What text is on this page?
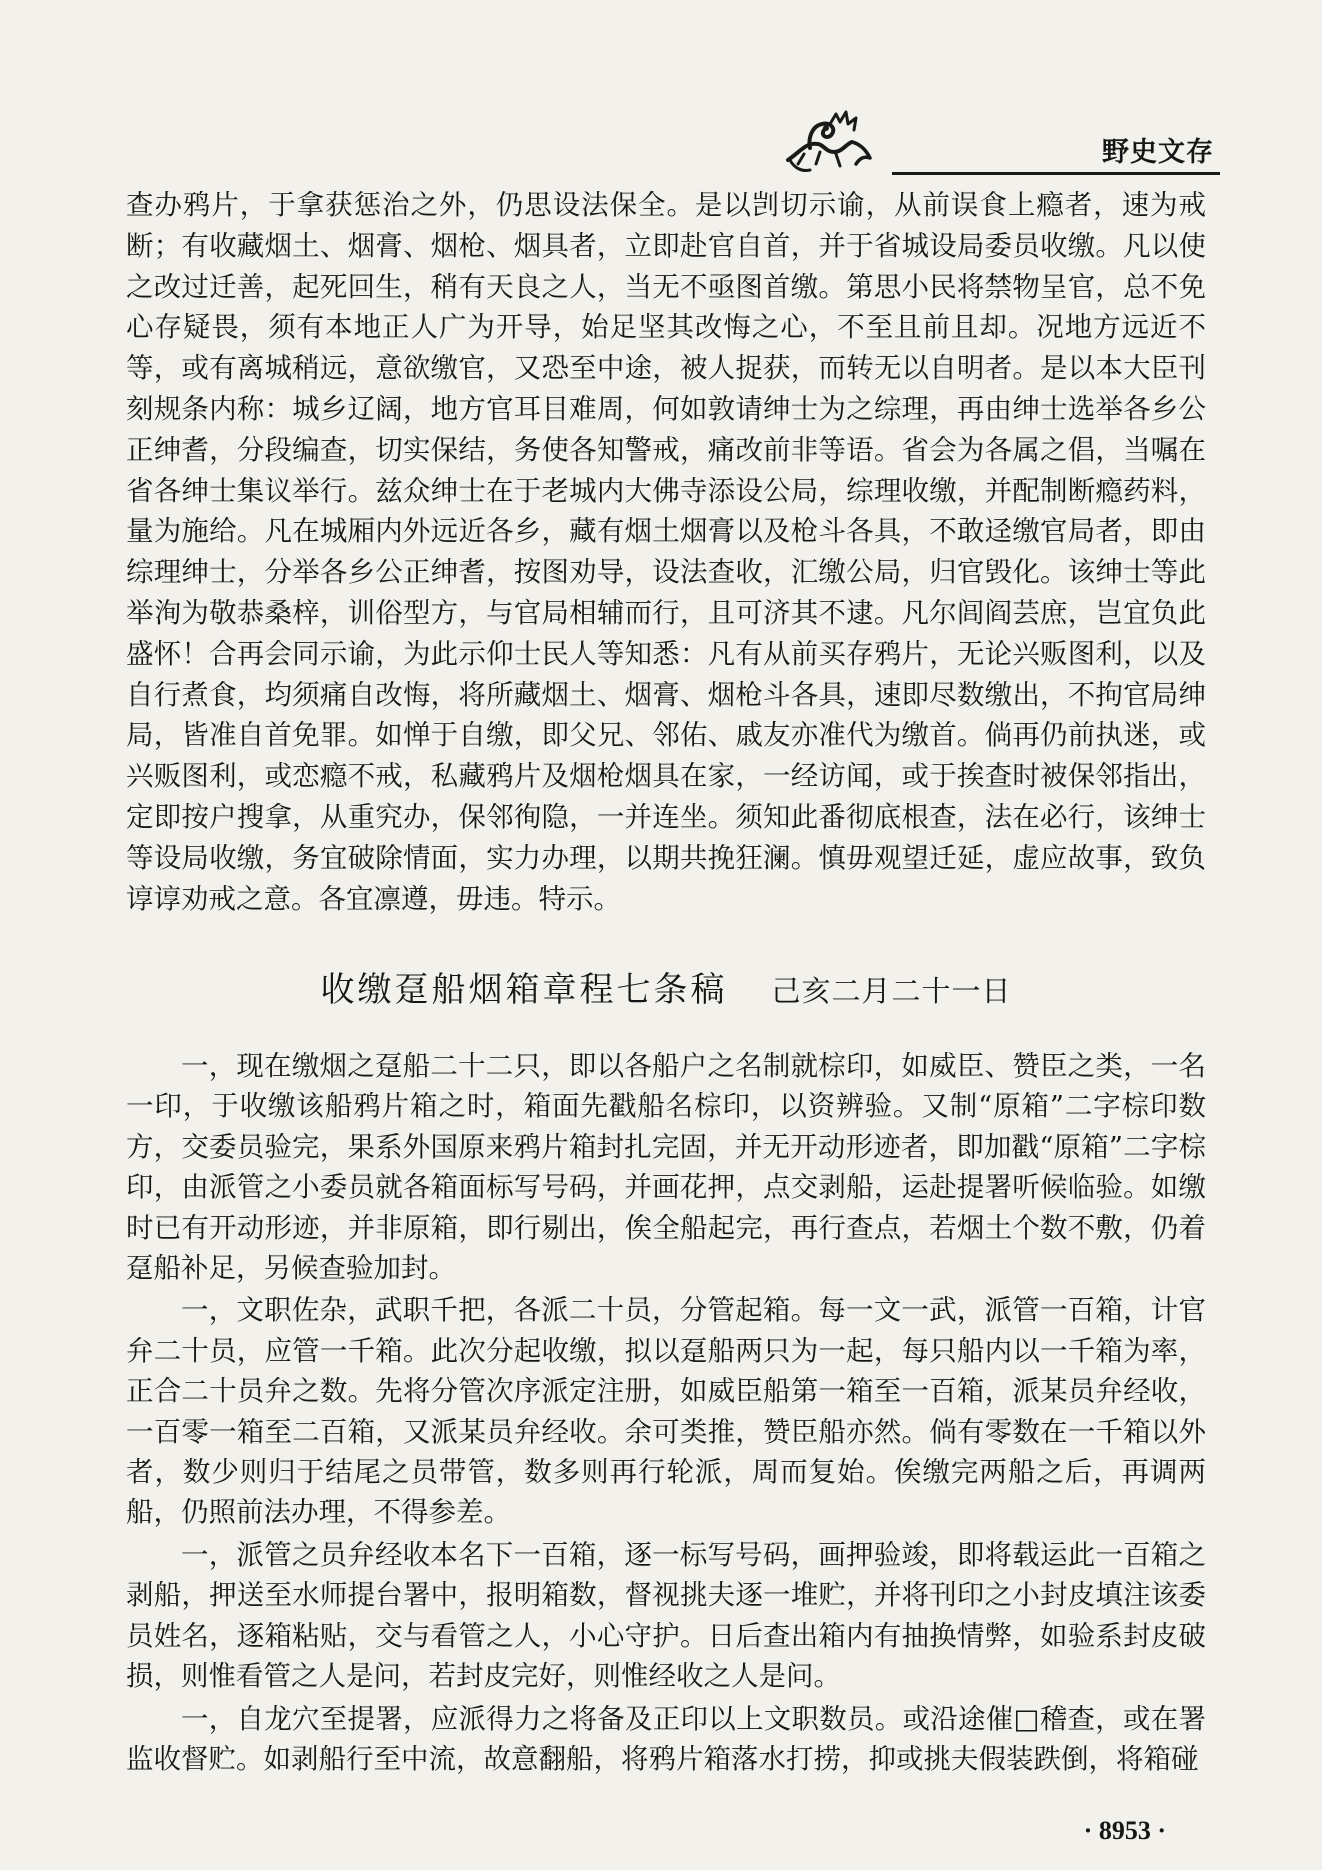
野史文存

查办鸦片，于拿获惩治之外，仍思设法保全。是以剀切示谕，从前误食上瘾者，速为戒断；有收藏烟土、烟膏、烟枪、烟具者，立即赴官自首，并于省城设局委员收缴。凡以使之改过迁善，起死回生，稍有天良之人，当无不亟图首缴。第思小民将禁物呈官，总不免心存疑畏，须有本地正人广为开导，始足坚其改悔之心，不至且前且却。况地方远近不等，或有离城稍远，意欲缴官，又恐至中途，被人捉获，而转无以自明者。是以本大臣刊刻规条内称：城乡辽阔，地方官耳目难周，何如敦请绅士为之综理，再由绅士选举各乡公正绅耆，分段编查，切实保结，务使各知警戒，痛改前非等语。省会为各属之倡，当嘱在省各绅士集议举行。兹众绅士在于老城内大佛寺添设公局，综理收缴，并配制断瘾药料，量为施给。凡在城厢内外远近各乡，藏有烟土烟膏以及枪斗各具，不敢迳缴官局者，即由综理绅士，分举各乡公正绅耆，按图劝导，设法查收，汇缴公局，归官毁化。该绅士等此举洵为敬恭桑梓，训俗型方，与官局相辅而行，且可济其不逮。凡尔闾阎芸庶，岂宜负此盛怀！合再会同示谕，为此示仰士民人等知悉：凡有从前买存鸦片，无论兴贩图利，以及自行煮食，均须痛自改悔，将所藏烟土、烟膏、烟枪斗各具，速即尽数缴出，不拘官局绅局，皆准自首免罪。如惮于自缴，即父兄、邻佑、戚友亦准代为缴首。倘再仍前执迷，或兴贩图利，或恋瘾不戒，私藏鸦片及烟枪烟具在家，一经访闻，或于挨查时被保邻指出，定即按户搜拿，从重究办，保邻徇隐，一并连坐。须知此番彻底根查，法在必行，该绅士等设局收缴，务宜破除情面，实力办理，以期共挽狂澜。慎毋观望迁延，虚应故事，致负谆谆劝戒之意。各宜凛遵，毋违。特示。

收缴趸船烟箱章程七条稿 己亥二月二十一日

一，现在缴烟之趸船二十二只，即以各船户之名制就棕印，如威臣、赞臣之类，一名一印，于收缴该船鸦片箱之时，箱面先戳船名棕印，以资辨验。又制“原箱”二字棕印数方，交委员验完，果系外国原来鸦片箱封扎完固，并无开动形迹者，即加戳“原箱”二字棕印，由派管之小委员就各箱面标写号码，并画花押，点交剥船，运赴提署听候临验。如缴时已有开动形迹，并非原箱，即行剔出，俟全船起完，再行查点，若烟土个数不敷，仍着趸船补足，另候查验加封。

一，文职佐杂，武职千把，各派二十员，分管起箱。每一文一武，派管一百箱，计官弁二十员，应管一千箱。此次分起收缴，拟以趸船两只为一起，每只船内以一千箱为率，正合二十员弁之数。先将分管次序派定注册，如威臣船第一箱至一百箱，派某员弁经收，一百零一箱至二百箱，又派某员弁经收。余可类推，赞臣船亦然。倘有零数在一千箱以外者，数少则归于结尾之员带管，数多则再行轮派，周而复始。俟缴完两船之后，再调两船，仍照前法办理，不得参差。

一，派管之员弁经收本名下一百箱，逐一标写号码，画押验竣，即将载运此一百箱之剥船，押送至水师提台署中，报明箱数，督视挑夫逐一堆贮，并将刊印之小封皮填注该委员姓名，逐箱粘贴，交与看管之人，小心守护。日后查出箱内有抽换情弊，如验系封皮破损，则惟看管之人是问，若封皮完好，则惟经收之人是问。

一，自龙穴至提署，应派得力之将备及正印以上文职数员。或沿途催□稽查，或在署监收督贮。如剥船行至中流，故意翻船，将鸦片箱落水打捞，抑或挑夫假装跌倒，将箱碰

· 8953 ·
